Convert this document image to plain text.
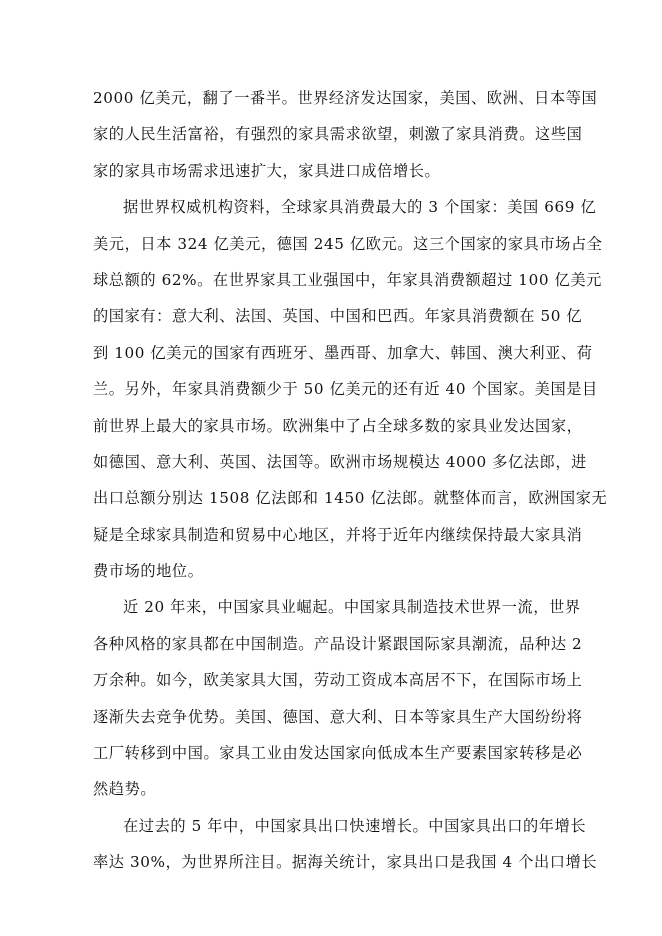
2000 亿美元，翻了一番半。世界经济发达国家，美国、欧洲、日本等国
家的人民生活富裕，有强烈的家具需求欲望，刺激了家具消费。这些国
家的家具市场需求迅速扩大，家具进口成倍增长。
据世界权威机构资料，全球家具消费最大的 3 个国家：美国 669 亿
美元，日本 324 亿美元，德国 245 亿欧元。这三个国家的家具市场占全
球总额的 62%。在世界家具工业强国中，年家具消费额超过 100 亿美元
的国家有：意大利、法国、英国、中国和巴西。年家具消费额在 50 亿
到 100 亿美元的国家有西班牙、墨西哥、加拿大、韩国、澳大利亚、荷
兰。另外，年家具消费额少于 50 亿美元的还有近 40 个国家。美国是目
前世界上最大的家具市场。欧洲集中了占全球多数的家具业发达国家，
如德国、意大利、英国、法国等。欧洲市场规模达 4000 多亿法郎，进
出口总额分别达 1508 亿法郎和 1450 亿法郎。就整体而言，欧洲国家无
疑是全球家具制造和贸易中心地区，并将于近年内继续保持最大家具消
费市场的地位。
近 20 年来，中国家具业崛起。中国家具制造技术世界一流，世界
各种风格的家具都在中国制造。产品设计紧跟国际家具潮流，品种达 2
万余种。如今，欧美家具大国，劳动工资成本高居不下，在国际市场上
逐渐失去竞争优势。美国、德国、意大利、日本等家具生产大国纷纷将
工厂转移到中国。家具工业由发达国家向低成本生产要素国家转移是必
然趋势。
在过去的 5 年中，中国家具出口快速增长。中国家具出口的年增长
率达 30%，为世界所注目。据海关统计，家具出口是我国 4 个出口增长
